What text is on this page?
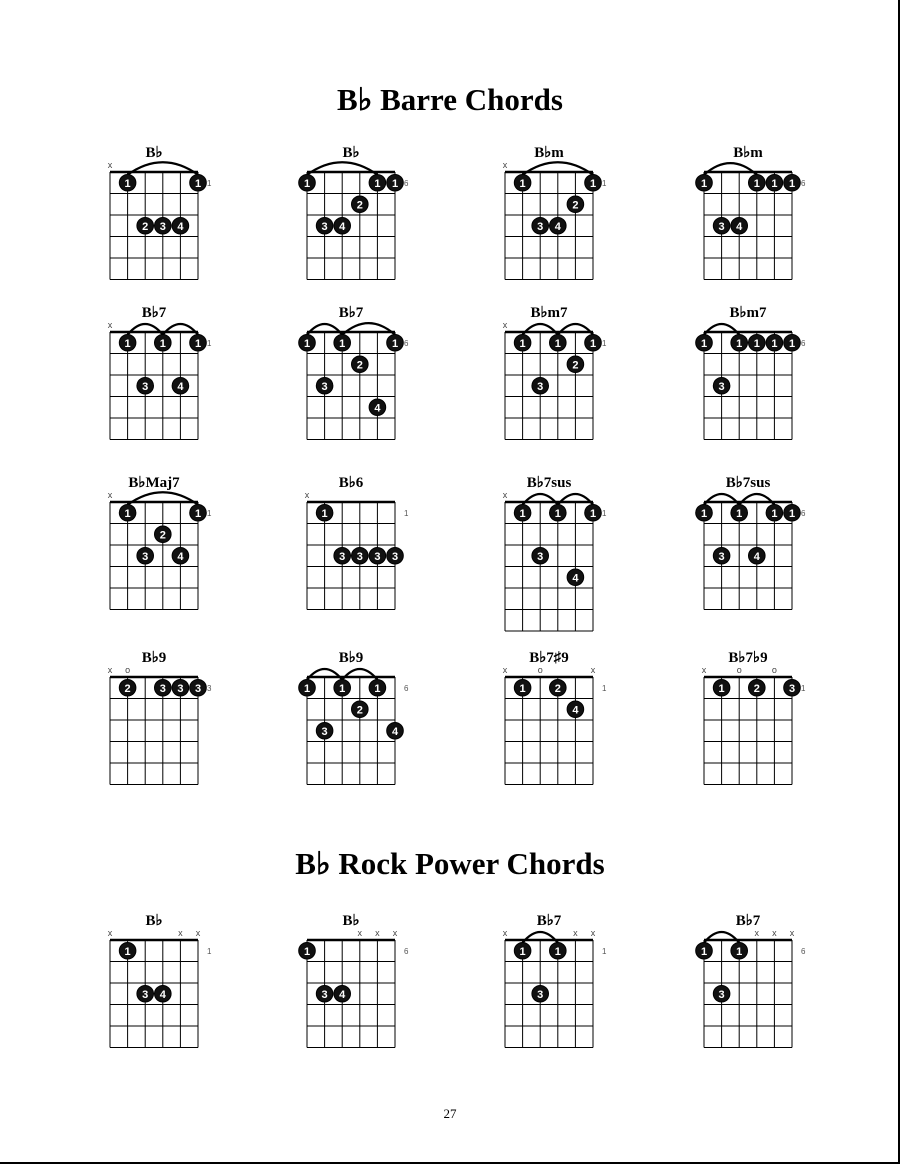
B♭ Barre Chords
B♭ Rock Power Chords
B♭
1
x
1	1
2 3 4
B♭
6
1	1 1
2
3 4
B♭m
1
x
1	1
2
3 4
B♭m
6
1	1 1 1
3 4
B♭7
1
x
1	1	1
3	4
B♭7
6
1	1	1
2
3
4
B♭m7
1
x
1	1	1
2
3
B♭m7
6
1	1 1 1 1
3
B♭Maj7
1
x
1	1
2
3	4
B♭6
1
x
1
3 3 3 3
B♭7sus
1
x
1	1	1
3
4
B♭7sus
6
1	1	1 1
3	4
B♭9
3
x o
2	3 3 3
B♭9
6
1	1	1
2
3	4
B♭7♯9
1
x	o	x
1	2
4
B♭7♭9
1
x	o	o
1	2	3
B♭
1
x	x x
1
3 4
B♭
6
x x x
1
3 4
B♭7
1
x	x x
1	1
3
B♭7
6
x x x
1	1
3
27
